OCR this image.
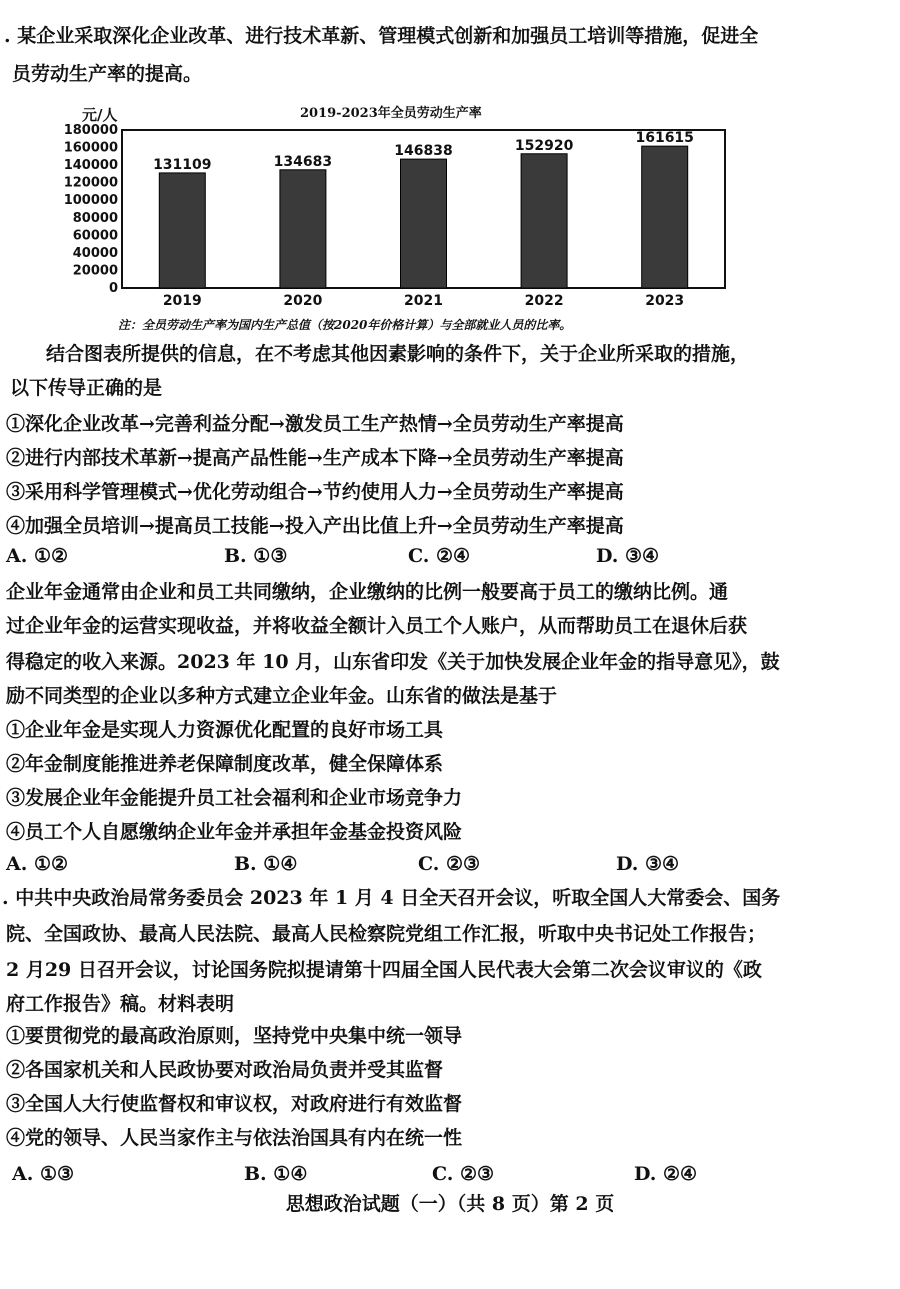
. 某企业采取深化企业改革、进行技术革新、管理模式创新和加强员工培训等措施，促进全
员劳动生产率的提高。
元/人	2019-2023年全员劳动生产率
0
20000
40000
60000
80000
100000
120000
140000
160000
180000
131109	134683
146838	152920	161615
2019	2020	2021	2022	2023
注：全员劳动生产率为国内生产总值（按2020年价格计算）与全部就业人员的比率。
结合图表所提供的信息，在不考虑其他因素影响的条件下，关于企业所采取的措施，
以下传导正确的是
①深化企业改革→完善利益分配→激发员工生产热情→全员劳动生产率提高
②进行内部技术革新→提高产品性能→生产成本下降→全员劳动生产率提高
③采用科学管理模式→优化劳动组合→节约使用人力→全员劳动生产率提高
④加强全员培训→提高员工技能→投入产出比值上升→全员劳动生产率提高
A. ①②	B. ①③	C. ②④	D. ③④
企业年金通常由企业和员工共同缴纳，企业缴纳的比例一般要高于员工的缴纳比例。通
过企业年金的运营实现收益，并将收益全额计入员工个人账户，从而帮助员工在退休后获
得稳定的收入来源。2023 年 10 月，山东省印发《关于加快发展企业年金的指导意见》，鼓
励不同类型的企业以多种方式建立企业年金。山东省的做法是基于
①企业年金是实现人力资源优化配置的良好市场工具
②年金制度能推进养老保障制度改革，健全保障体系
③发展企业年金能提升员工社会福利和企业市场竞争力
④员工个人自愿缴纳企业年金并承担年金基金投资风险
A. ①②	B. ①④	C. ②③	D. ③④
. 中共中央政治局常务委员会 2023 年 1 月 4 日全天召开会议，听取全国人大常委会、国务
院、全国政协、最高人民法院、最高人民检察院党组工作汇报，听取中央书记处工作报告；
2 月29 日召开会议，讨论国务院拟提请第十四届全国人民代表大会第二次会议审议的《政
府工作报告》稿。材料表明
①要贯彻党的最高政治原则，坚持党中央集中统一领导
②各国家机关和人民政协要对政治局负责并受其监督
③全国人大行使监督权和审议权，对政府进行有效监督
④党的领导、人民当家作主与依法治国具有内在统一性
A. ①③	B. ①④	C. ②③	D. ②④
思想政治试题（一）（共 8 页）第 2 页
